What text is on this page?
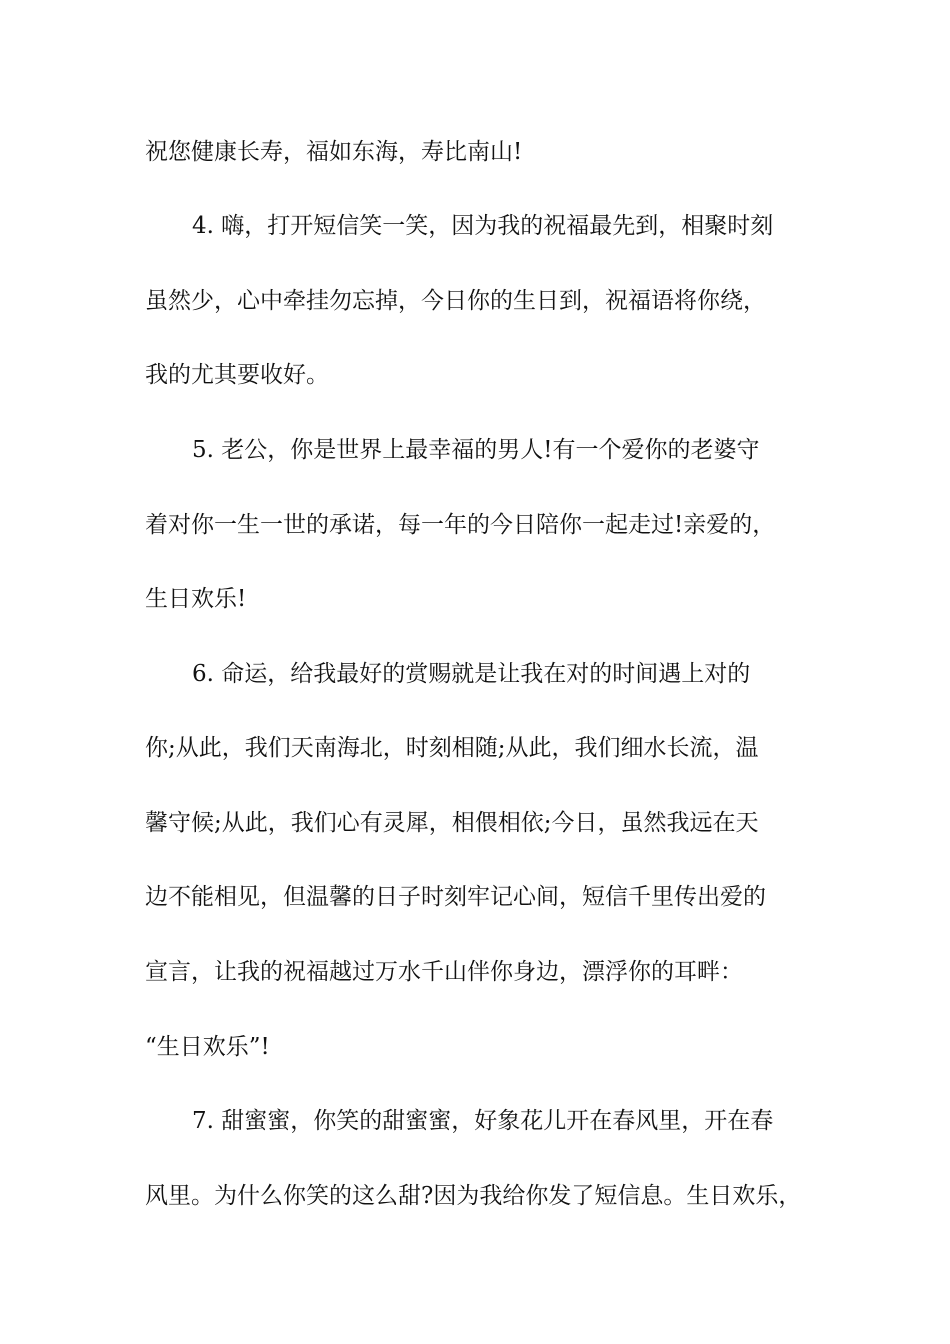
祝您健康长寿，福如东海，寿比南山!
4. 嗨，打开短信笑一笑，因为我的祝福最先到，相聚时刻
虽然少，心中牵挂勿忘掉，今日你的生日到，祝福语将你绕，
我的尤其要收好。
5. 老公，你是世界上最幸福的男人!有一个爱你的老婆守
着对你一生一世的承诺，每一年的今日陪你一起走过!亲爱的，
生日欢乐!
6. 命运，给我最好的赏赐就是让我在对的时间遇上对的
你;从此，我们天南海北，时刻相随;从此，我们细水长流，温
馨守候;从此，我们心有灵犀，相偎相依;今日，虽然我远在天
边不能相见，但温馨的日子时刻牢记心间，短信千里传出爱的
宣言，让我的祝福越过万水千山伴你身边，漂浮你的耳畔：
“生日欢乐”!
7. 甜蜜蜜，你笑的甜蜜蜜，好象花儿开在春风里，开在春
风里。为什么你笑的这么甜?因为我给你发了短信息。生日欢乐，
